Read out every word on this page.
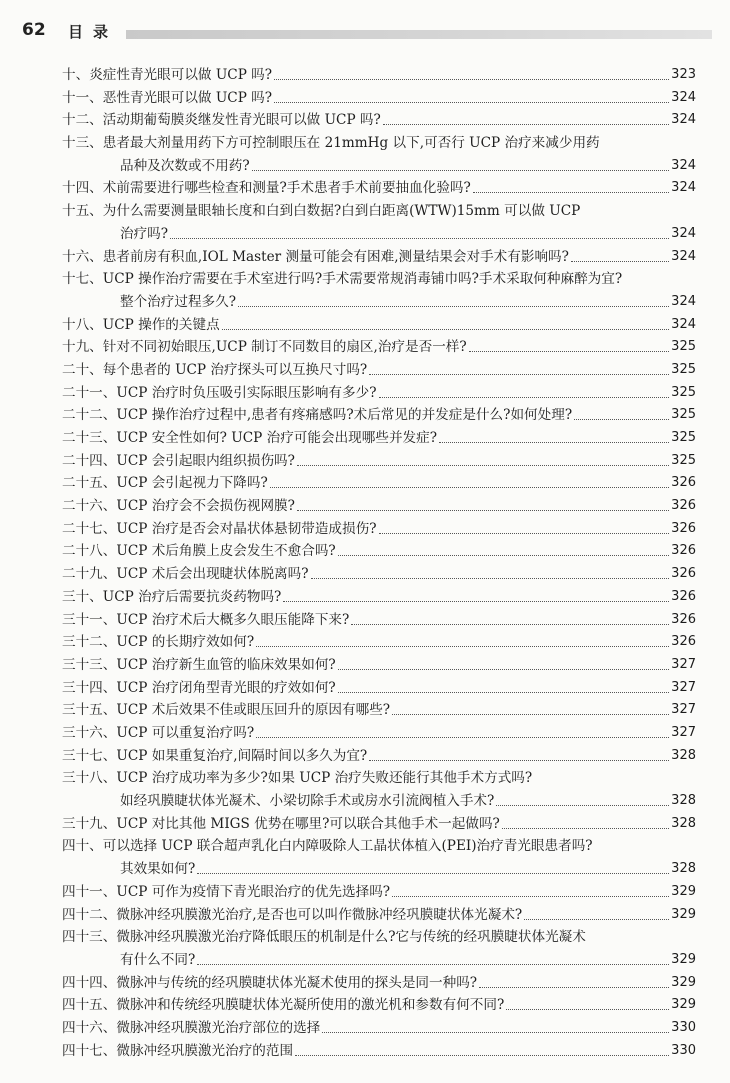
62 目录
十、炎症性青光眼可以做 UCP 吗?	323
十一、恶性青光眼可以做 UCP 吗?	324
十二、活动期葡萄膜炎继发性青光眼可以做 UCP 吗?	324
十三、患者最大剂量用药下方可控制眼压在 21mmHg 以下,可否行 UCP 治疗来减少用药
品种及次数或不用药?	324
十四、术前需要进行哪些检查和测量?手术患者手术前要抽血化验吗?	324
十五、为什么需要测量眼轴长度和白到白数据?白到白距离(WTW)15mm 可以做 UCP
治疗吗?	324
十六、患者前房有积血,IOL Master 测量可能会有困难,测量结果会对手术有影响吗?	324
十七、UCP 操作治疗需要在手术室进行吗?手术需要常规消毒铺巾吗?手术采取何种麻醉为宜?
整个治疗过程多久?	324
十八、UCP 操作的关键点	324
十九、针对不同初始眼压,UCP 制订不同数目的扇区,治疗是否一样?	325
二十、每个患者的 UCP 治疗探头可以互换尺寸吗?	325
二十一、UCP 治疗时负压吸引实际眼压影响有多少?	325
二十二、UCP 操作治疗过程中,患者有疼痛感吗?术后常见的并发症是什么?如何处理?	325
二十三、UCP 安全性如何? UCP 治疗可能会出现哪些并发症?	325
二十四、UCP 会引起眼内组织损伤吗?	325
二十五、UCP 会引起视力下降吗?	326
二十六、UCP 治疗会不会损伤视网膜?	326
二十七、UCP 治疗是否会对晶状体悬韧带造成损伤?	326
二十八、UCP 术后角膜上皮会发生不愈合吗?	326
二十九、UCP 术后会出现睫状体脱离吗?	326
三十、UCP 治疗后需要抗炎药物吗?	326
三十一、UCP 治疗术后大概多久眼压能降下来?	326
三十二、UCP 的长期疗效如何?	326
三十三、UCP 治疗新生血管的临床效果如何?	327
三十四、UCP 治疗闭角型青光眼的疗效如何?	327
三十五、UCP 术后效果不佳或眼压回升的原因有哪些?	327
三十六、UCP 可以重复治疗吗?	327
三十七、UCP 如果重复治疗,间隔时间以多久为宜?	328
三十八、UCP 治疗成功率为多少?如果 UCP 治疗失败还能行其他手术方式吗?
如经巩膜睫状体光凝术、小梁切除手术或房水引流阀植入手术?	328
三十九、UCP 对比其他 MIGS 优势在哪里?可以联合其他手术一起做吗?	328
四十、可以选择 UCP 联合超声乳化白内障吸除人工晶状体植入(PEI)治疗青光眼患者吗?
其效果如何?	328
四十一、UCP 可作为疫情下青光眼治疗的优先选择吗?	329
四十二、微脉冲经巩膜激光治疗,是否也可以叫作微脉冲经巩膜睫状体光凝术?	329
四十三、微脉冲经巩膜激光治疗降低眼压的机制是什么?它与传统的经巩膜睫状体光凝术
有什么不同?	329
四十四、微脉冲与传统的经巩膜睫状体光凝术使用的探头是同一种吗?	329
四十五、微脉冲和传统经巩膜睫状体光凝所使用的激光机和参数有何不同?	329
四十六、微脉冲经巩膜激光治疗部位的选择	330
四十七、微脉冲经巩膜激光治疗的范围	330
